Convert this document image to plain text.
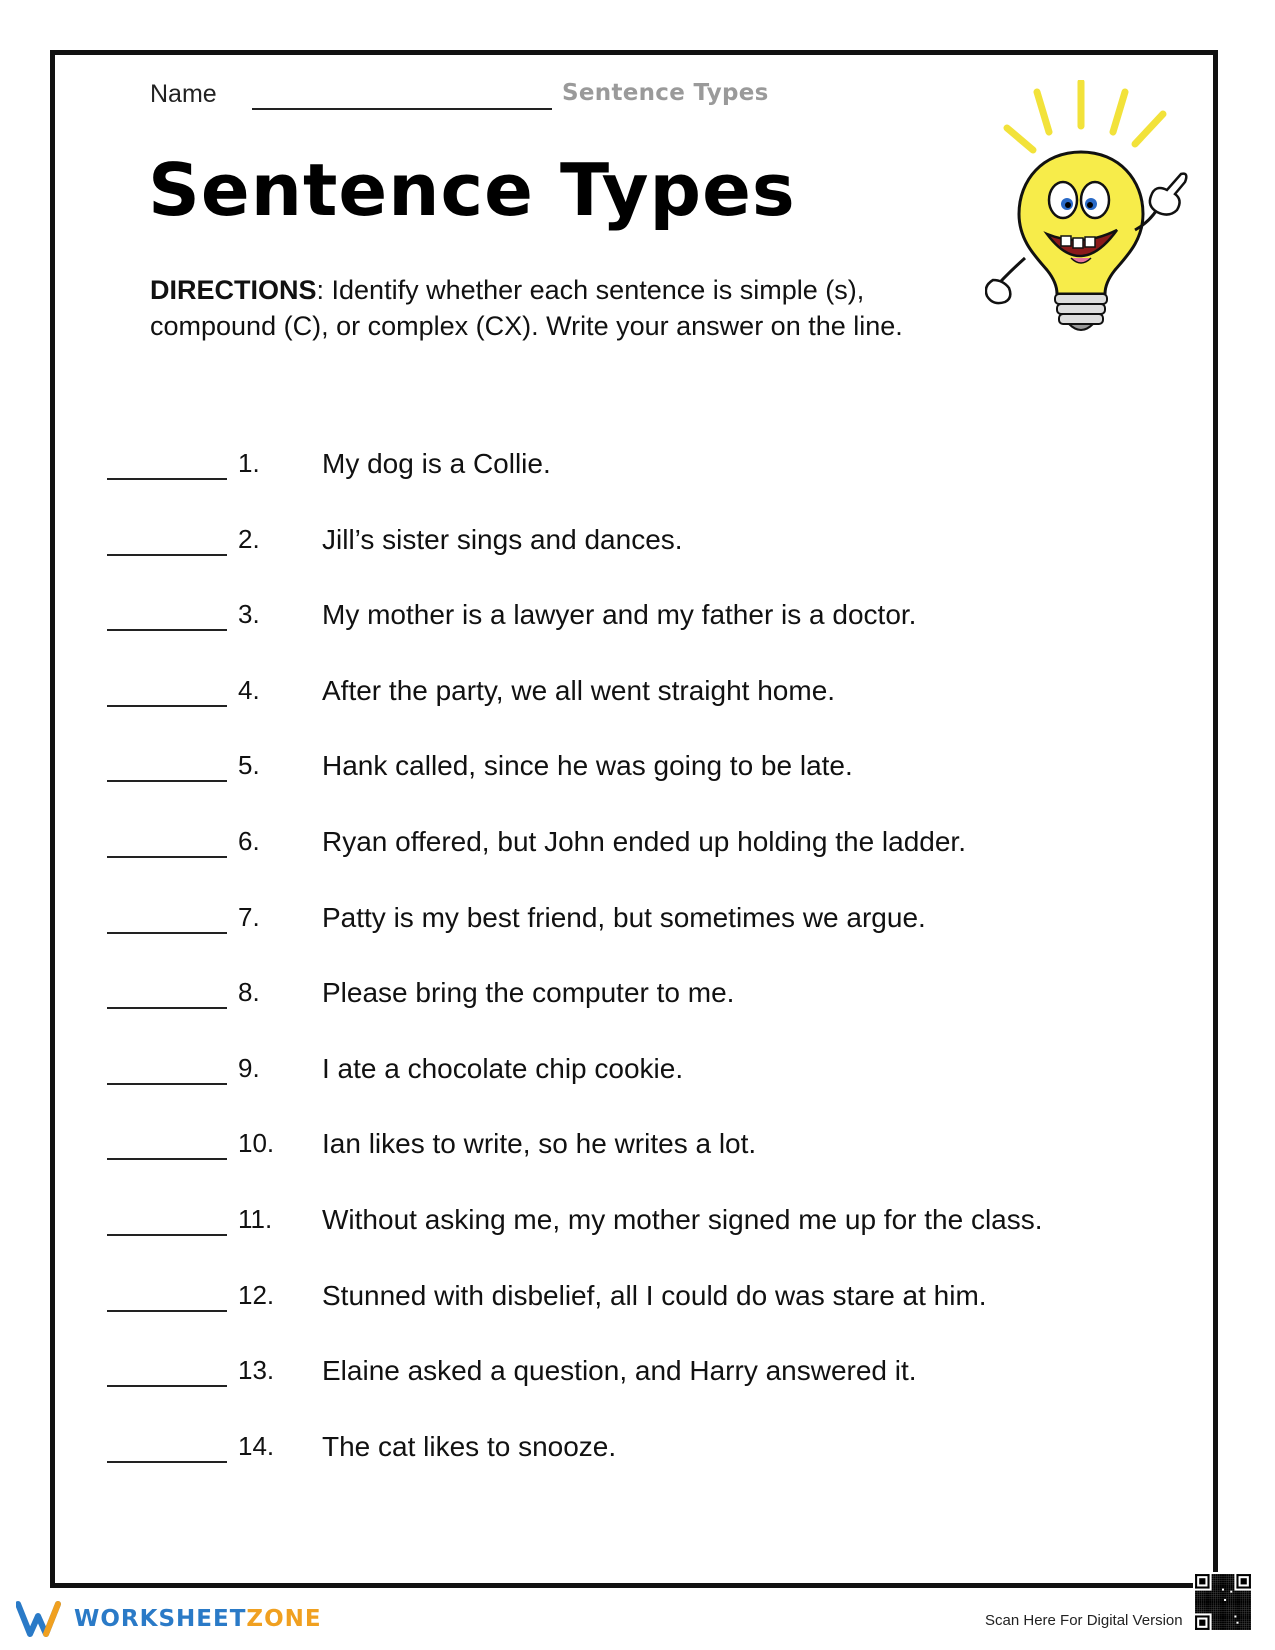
Name	Sentence Types
Sentence Types
DIRECTIONS: Identify whether each sentence is simple (s), compound (C), or complex (CX). Write your answer on the line.
1. My dog is a Collie.
2. Jill’s sister sings and dances.
3. My mother is a lawyer and my father is a doctor.
4. After the party, we all went straight home.
5. Hank called, since he was going to be late.
6. Ryan offered, but John ended up holding the ladder.
7. Patty is my best friend, but sometimes we argue.
8. Please bring the computer to me.
9. I ate a chocolate chip cookie.
10. Ian likes to write, so he writes a lot.
11. Without asking me, my mother signed me up for the class.
12. Stunned with disbelief, all I could do was stare at him.
13. Elaine asked a question, and Harry answered it.
14. The cat likes to snooze.
WORKSHEETZONE	Scan Here For Digital Version
